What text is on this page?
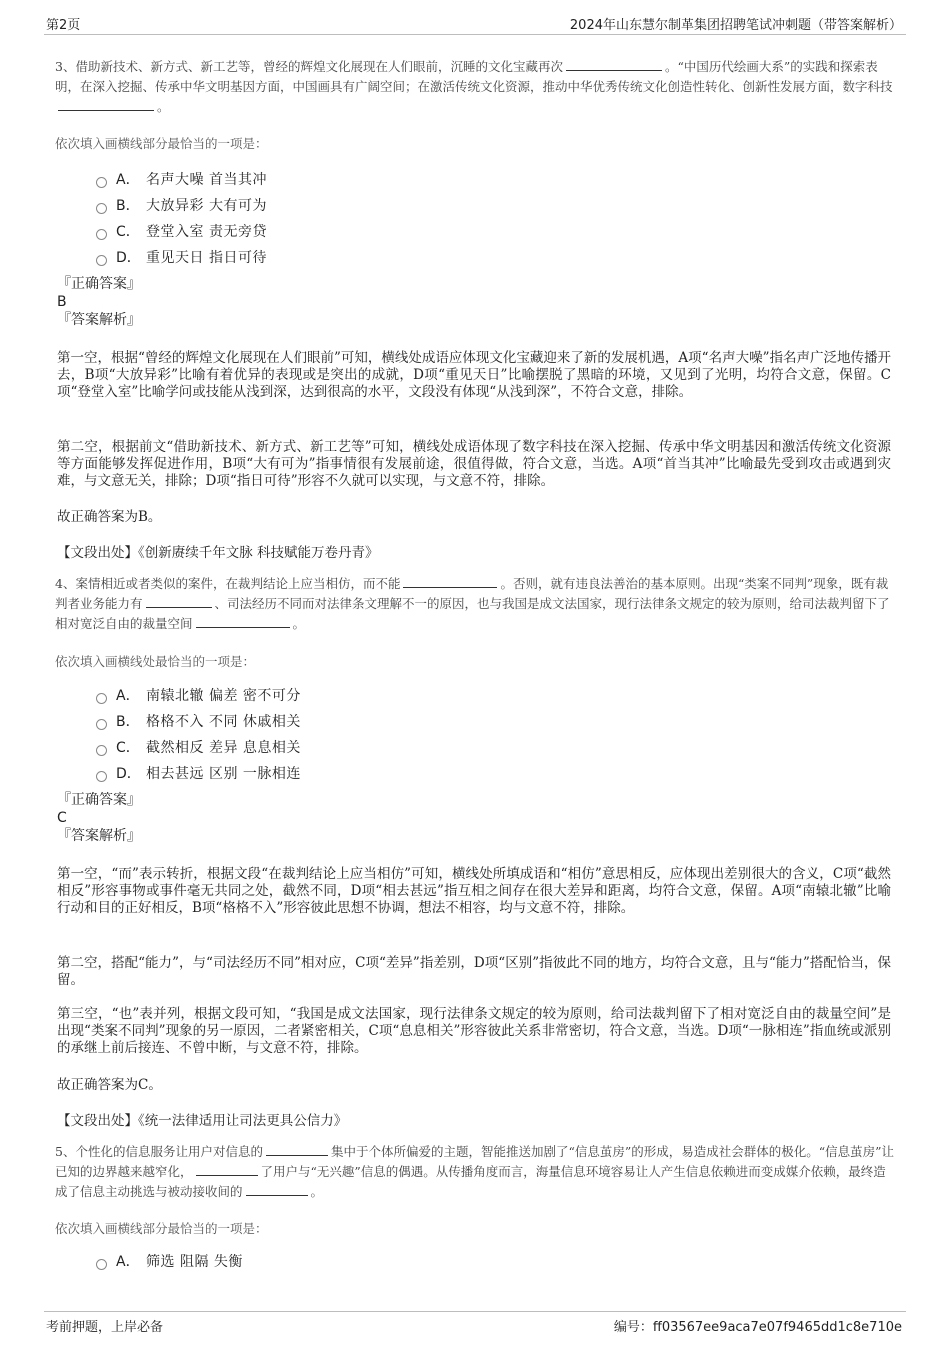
第2页	2024年山东慧尔制革集团招聘笔试冲刺题（带答案解析）
3、借助新技术、新方式、新工艺等，曾经的辉煌文化展现在人们眼前，沉睡的文化宝藏再次	。“中国历代绘画大系”的实践和探索表明，在深入挖掘、传承中华文明基因方面，中国画具有广阔空间；在激活传统文化资源，推动中华优秀传统文化创造性转化、创新性发展方面，数字科技。
依次填入画横线部分最恰当的一项是：
A． 名声大噪 首当其冲
B． 大放异彩 大有可为
C． 登堂入室 责无旁贷
D． 重见天日 指日可待
『正确答案』
B
『答案解析』
第一空，根据“曾经的辉煌文化展现在人们眼前”可知，横线处成语应体现文化宝藏迎来了新的发展机遇，A项“名声大噪”指名声广泛地传播开去，B项“大放异彩”比喻有着优异的表现或是突出的成就，D项“重见天日”比喻摆脱了黑暗的环境，又见到了光明，均符合文意，保留。C项“登堂入室”比喻学问或技能从浅到深，达到很高的水平，文段没有体现“从浅到深”，不符合文意，排除。
第二空，根据前文“借助新技术、新方式、新工艺等”可知，横线处成语体现了数字科技在深入挖掘、传承中华文明基因和激活传统文化资源等方面能够发挥促进作用，B项“大有可为”指事情很有发展前途，很值得做，符合文意，当选。A项“首当其冲”比喻最先受到攻击或遇到灾难，与文意无关，排除；D项“指日可待”形容不久就可以实现，与文意不符，排除。
故正确答案为B。
【文段出处】《创新赓续千年文脉 科技赋能万卷丹青》
4、案情相近或者类似的案件，在裁判结论上应当相仿，而不能	。否则，就有违良法善治的基本原则。出现“类案不同判”现象，既有裁判者业务能力有	、司法经历不同而对法律条文理解不一的原因，也与我国是成文法国家，现行法律条文规定的较为原则，给司法裁判留下了相对宽泛自由的裁量空间	。
依次填入画横线处最恰当的一项是：
A． 南辕北辙 偏差 密不可分
B． 格格不入 不同 休戚相关
C． 截然相反 差异 息息相关
D． 相去甚远 区别 一脉相连
『正确答案』
C
『答案解析』
第一空，“而”表示转折，根据文段“在裁判结论上应当相仿”可知，横线处所填成语和“相仿”意思相反，应体现出差别很大的含义，C项“截然相反”形容事物或事件毫无共同之处，截然不同，D项“相去甚远”指互相之间存在很大差异和距离，均符合文意，保留。A项“南辕北辙”比喻行动和目的正好相反，B项“格格不入”形容彼此思想不协调，想法不相容，均与文意不符，排除。
第二空，搭配“能力”，与“司法经历不同”相对应，C项“差异”指差别，D项“区别”指彼此不同的地方，均符合文意，且与“能力”搭配恰当，保留。
第三空，“也”表并列，根据文段可知，“我国是成文法国家，现行法律条文规定的较为原则，给司法裁判留下了相对宽泛自由的裁量空间”是出现“类案不同判”现象的另一原因，二者紧密相关，C项“息息相关”形容彼此关系非常密切，符合文意，当选。D项“一脉相连”指血统或派别的承继上前后接连、不曾中断，与文意不符，排除。
故正确答案为C。
【文段出处】《统一法律适用让司法更具公信力》
5、个性化的信息服务让用户对信息的	集中于个体所偏爱的主题，智能推送加剧了“信息茧房”的形成，易造成社会群体的极化。“信息茧房”让已知的边界越来越窄化，	了用户与“无兴趣”信息的偶遇。从传播角度而言，海量信息环境容易让人产生信息依赖进而变成媒介依赖，最终造成了信息主动挑选与被动接收间的	。
依次填入画横线部分最恰当的一项是：
A． 筛选 阻隔 失衡
考前押题，上岸必备	编号：ff03567ee9aca7e07f9465dd1c8e710e
